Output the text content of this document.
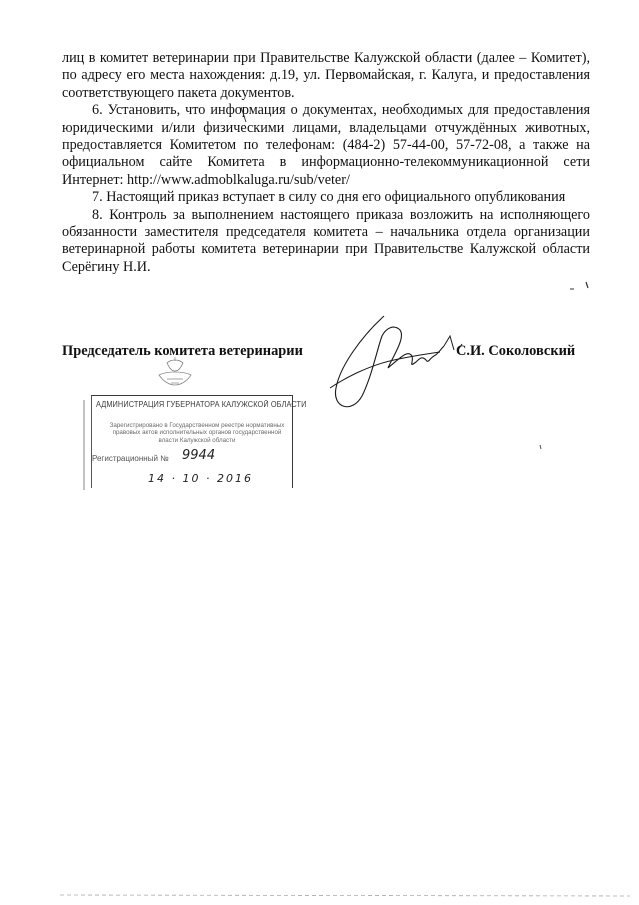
лиц в комитет ветеринарии при Правительстве Калужской области (далее – Комитет), по адресу его места нахождения: д.19, ул. Первомайская, г. Калуга, и предоставления соответствующего пакета документов.

6. Установить, что информация о документах, необходимых для предоставления юридическими и/или физическими лицами, владельцами отчуждённых животных, предоставляется Комитетом по телефонам: (484-2) 57-44-00, 57-72-08, а также на официальном сайте Комитета в информационно-телекоммуникационной сети Интернет: http://www.admoblkaluga.ru/sub/veter/

7. Настоящий приказ вступает в силу со дня его официального опубликования

8. Контроль за выполнением настоящего приказа возложить на исполняющего обязанности заместителя председателя комитета – начальника отдела организации ветеринарной работы комитета ветеринарии при Правительстве Калужской области Серёгину Н.И.

Председатель комитета ветеринарии	С.И. Соколовский
АДМИНИСТРАЦИЯ ГУБЕРНАТОРА КАЛУЖСКОЙ ОБЛАСТИ
Зарегистрировано в Государственном реестре нормативных правовых актов исполнительных органов государственной власти Калужской области
Регистрационный № 9944
14 · 10 · 2016
